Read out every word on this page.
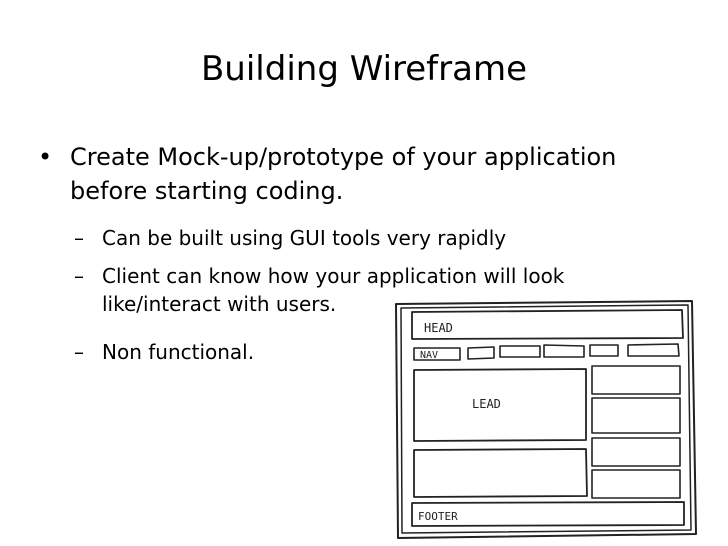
Building Wireframe
• Create Mock-up/prototype of your application before starting coding.
– Can be built using GUI tools very rapidly
– Client can know how your application will look like/interact with users.
– Non functional.
HEAD
NAV
LEAD
FOOTER
